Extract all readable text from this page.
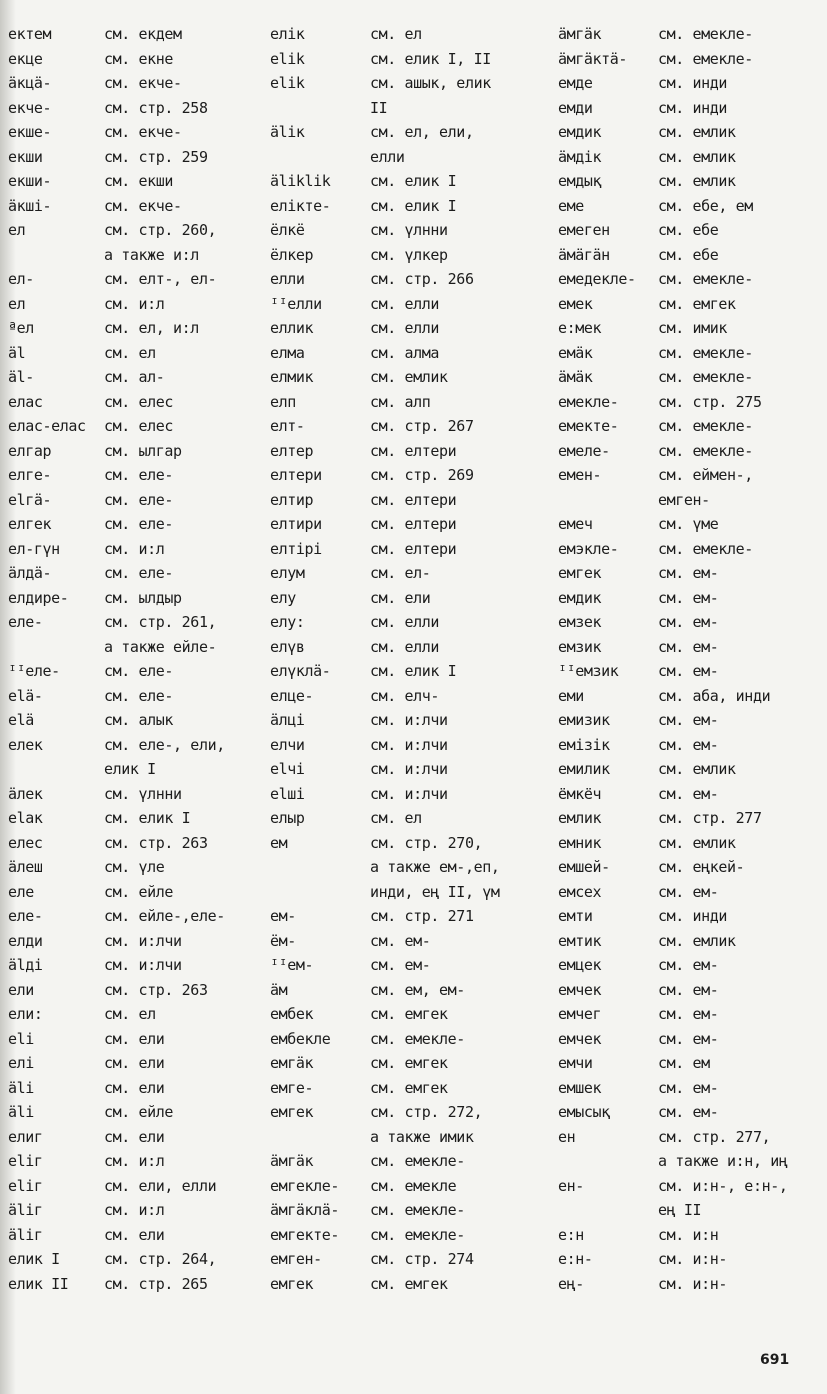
ектем
екце
äкцä-
екче-
екше-
екши
екши-
äкші-
ел
ел-
ел
ªел
äl
äl-
елас
елас-елас
елгар
елге-
elгä-
елгек
ел-гүн
äлдä-
елдире-
еле-
ᴵᴵеле-
elä-
elä
елек
äлек
elак
елес
äлеш
еле
еле-
елди
älді
ели
ели:
eli
елі
äli
äli
елиг
eliг
eliг
äliг
äliг
елик I
елик II
см. екдем
см. екне
см. екче-
см. стр. 258
см. екче-
см. стр. 259
см. екши
см. екче-
см. стр. 260,
а также и:л
см. елт-, ел-
см. и:л
см. ел, и:л
см. ел
см. ал-
см. елес
см. елес
см. ылгар
см. еле-
см. еле-
см. еле-
см. и:л
см. еле-
см. ылдыр
см. стр. 261,
а также ейле-
см. еле-
см. еле-
см. алык
см. еле-, ели,
елик I
см. үлнни
см. елик I
см. стр. 263
см. үле
см. ейле
см. ейле-,еле-
см. и:лчи
см. и:лчи
см. стр. 263
см. ел
см. ели
см. ели
см. ели
см. ейле
см. ели
см. и:л
см. ели, елли
см. и:л
см. ели
см. стр. 264,
см. стр. 265
елік
elik
elik
äliк
äliklik
елікте-
ëлкë
ëлкер
елли
ᴵᴵелли
еллик
елма
елмик
елп
елт-
елтер
елтери
елтир
елтири
елтірі
елум
елу
елу:
елүв
елүклä-
елце-
äлці
елчи
elчi
elші
елыр
ем
ем-
ëм-
ᴵᴵем-
äм
ембек
ембекле
емгäк
емге-
емгек
äмгäк
емгекле-
äмгäклä-
емгекте-
емген-
емгек
см. ел
см. елик I, II
см. ашык, елик
II
см. ел, ели,
елли
см. елик I
см. елик I
см. үлнни
см. үлкер
см. стр. 266
см. елли
см. елли
см. алма
см. емлик
см. алп
см. стр. 267
см. елтери
см. стр. 269
см. елтери
см. елтери
см. елтери
см. ел-
см. ели
см. елли
см. елли
см. елик I
см. елч-
см. и:лчи
см. и:лчи
см. и:лчи
см. и:лчи
см. ел
см. стр. 270,
а также ем-,еп,
инди, ең II, үм
см. стр. 271
см. ем-
см. ем-
см. ем, ем-
см. емгек
см. емекле-
см. емгек
см. емгек
см. стр. 272,
а также имик
см. емекле-
см. емекле
см. емекле-
см. емекле-
см. стр. 274
см. емгек
äмгäк
äмгäктä-
емде
емди
емдик
äмдік
емдық
еме
емеген
äмäгäн
емедекле-
емек
е:мек
емäк
äмäк
емекле-
емекте-
емеле-
емен-
емеч
емэкле-
емгек
емдик
емзек
емзик
ᴵᴵемзик
еми
емизик
емізік
емилик
ёмкёч
емлик
емник
емшей-
емсех
емти
емтик
емцек
емчек
емчег
емчек
емчи
емшек
емысық
ен
ен-
е:н
е:н-
ең-
см. емекле-
см. емекле-
см. инди
см. инди
см. емлик
см. емлик
см. емлик
см. ебе, ем
см. ебе
см. ебе
см. емекле-
см. емгек
см. имик
см. емекле-
см. емекле-
см. стр. 275
см. емекле-
см. емекле-
см. еймен-,
емген-
см. үме
см. емекле-
см. ем-
см. ем-
см. ем-
см. ем-
см. ем-
см. аба, инди
см. ем-
см. ем-
см. емлик
см. ем-
см. стр. 277
см. емлик
см. еңкей-
см. ем-
см. инди
см. емлик
см. ем-
см. ем-
см. ем-
см. ем-
см. ем
см. ем-
см. ем-
см. стр. 277,
а также и:н, иң
см. и:н-, е:н-,
ең II
см. и:н
см. и:н-
см. и:н-
691
